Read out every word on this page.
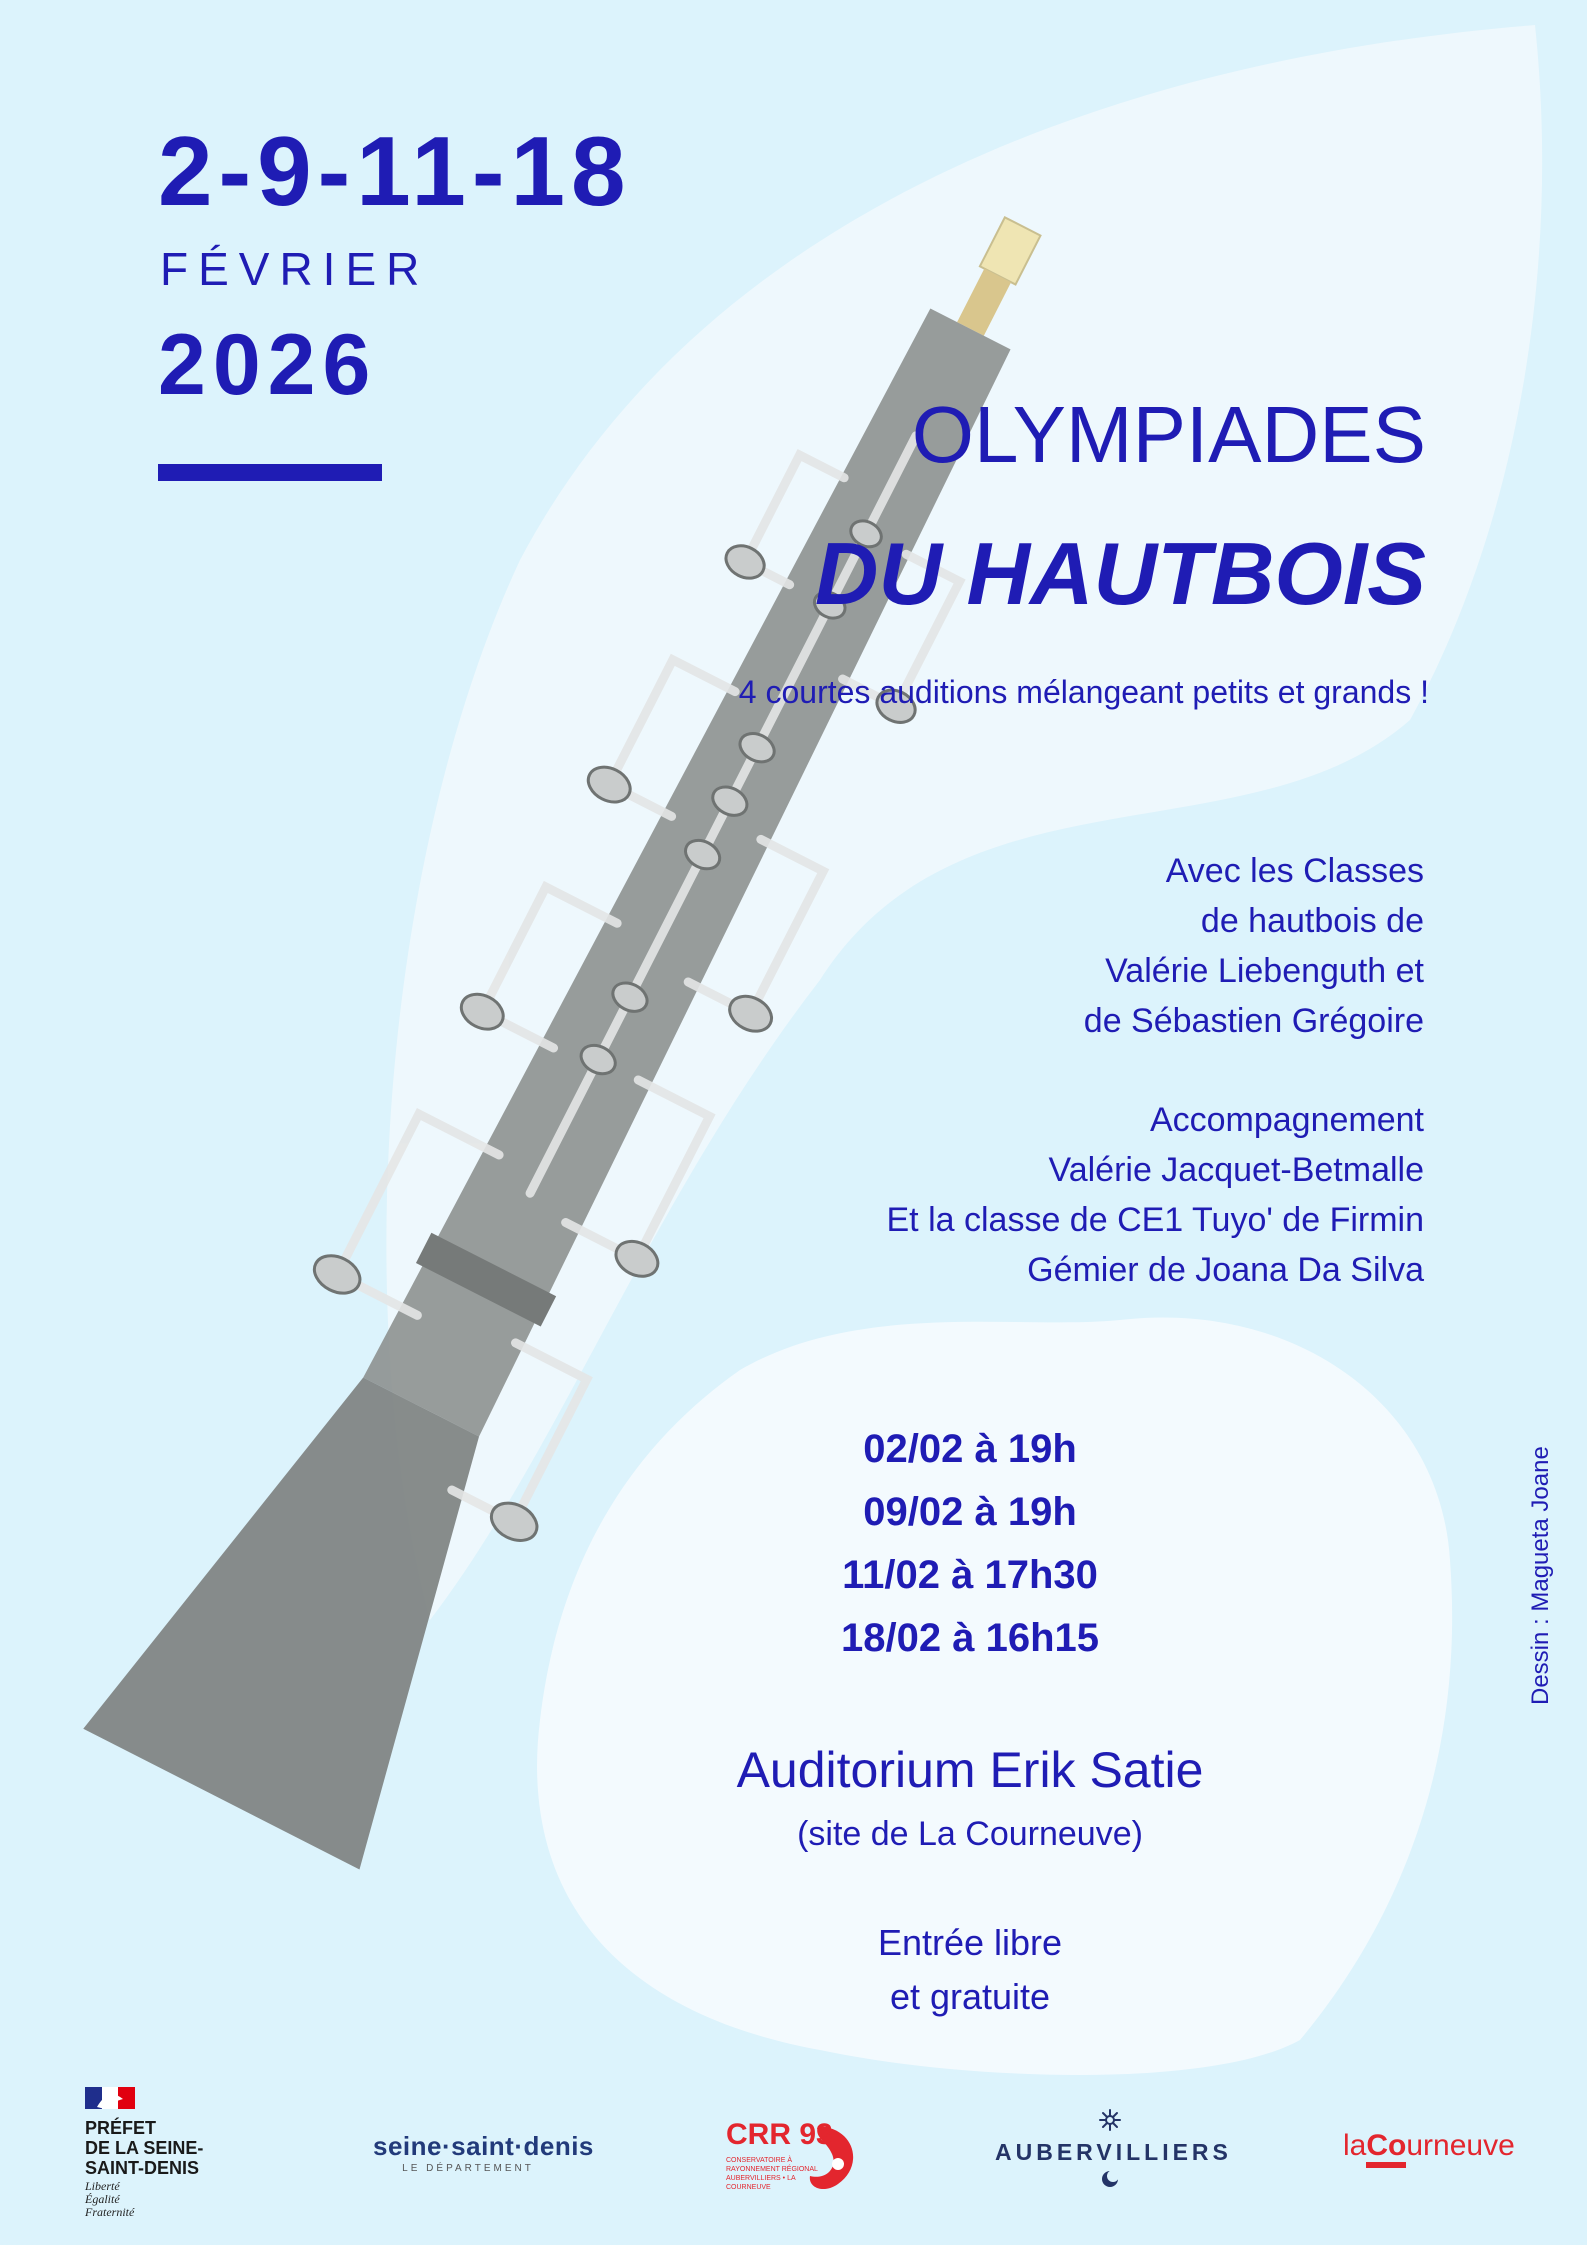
2-9-11-18
FÉVRIER
2026
OLYMPIADES
DU HAUTBOIS
4 courtes auditions mélangeant petits et grands !
Avec les Classes
de hautbois de
Valérie Liebenguth et
de Sébastien Grégoire
Accompagnement
Valérie Jacquet-Betmalle
Et la classe de CE1 Tuyo' de Firmin
Gémier de Joana Da Silva
02/02 à 19h
09/02 à 19h
11/02 à 17h30
18/02 à 16h15
Auditorium Erik Satie
(site de La Courneuve)
Entrée libre
et gratuite
Dessin : Magueta Joane
PRÉFET
DE LA SEINE-
SAINT-DENIS
Liberté
Égalité
Fraternité
seine·saint·denis
LE DÉPARTEMENT
CRR 93
CONSERVATOIRE À RAYONNEMENT RÉGIONAL
AUBERVILLIERS • LA COURNEUVE
AUBERVILLIERS	laCourneuve
